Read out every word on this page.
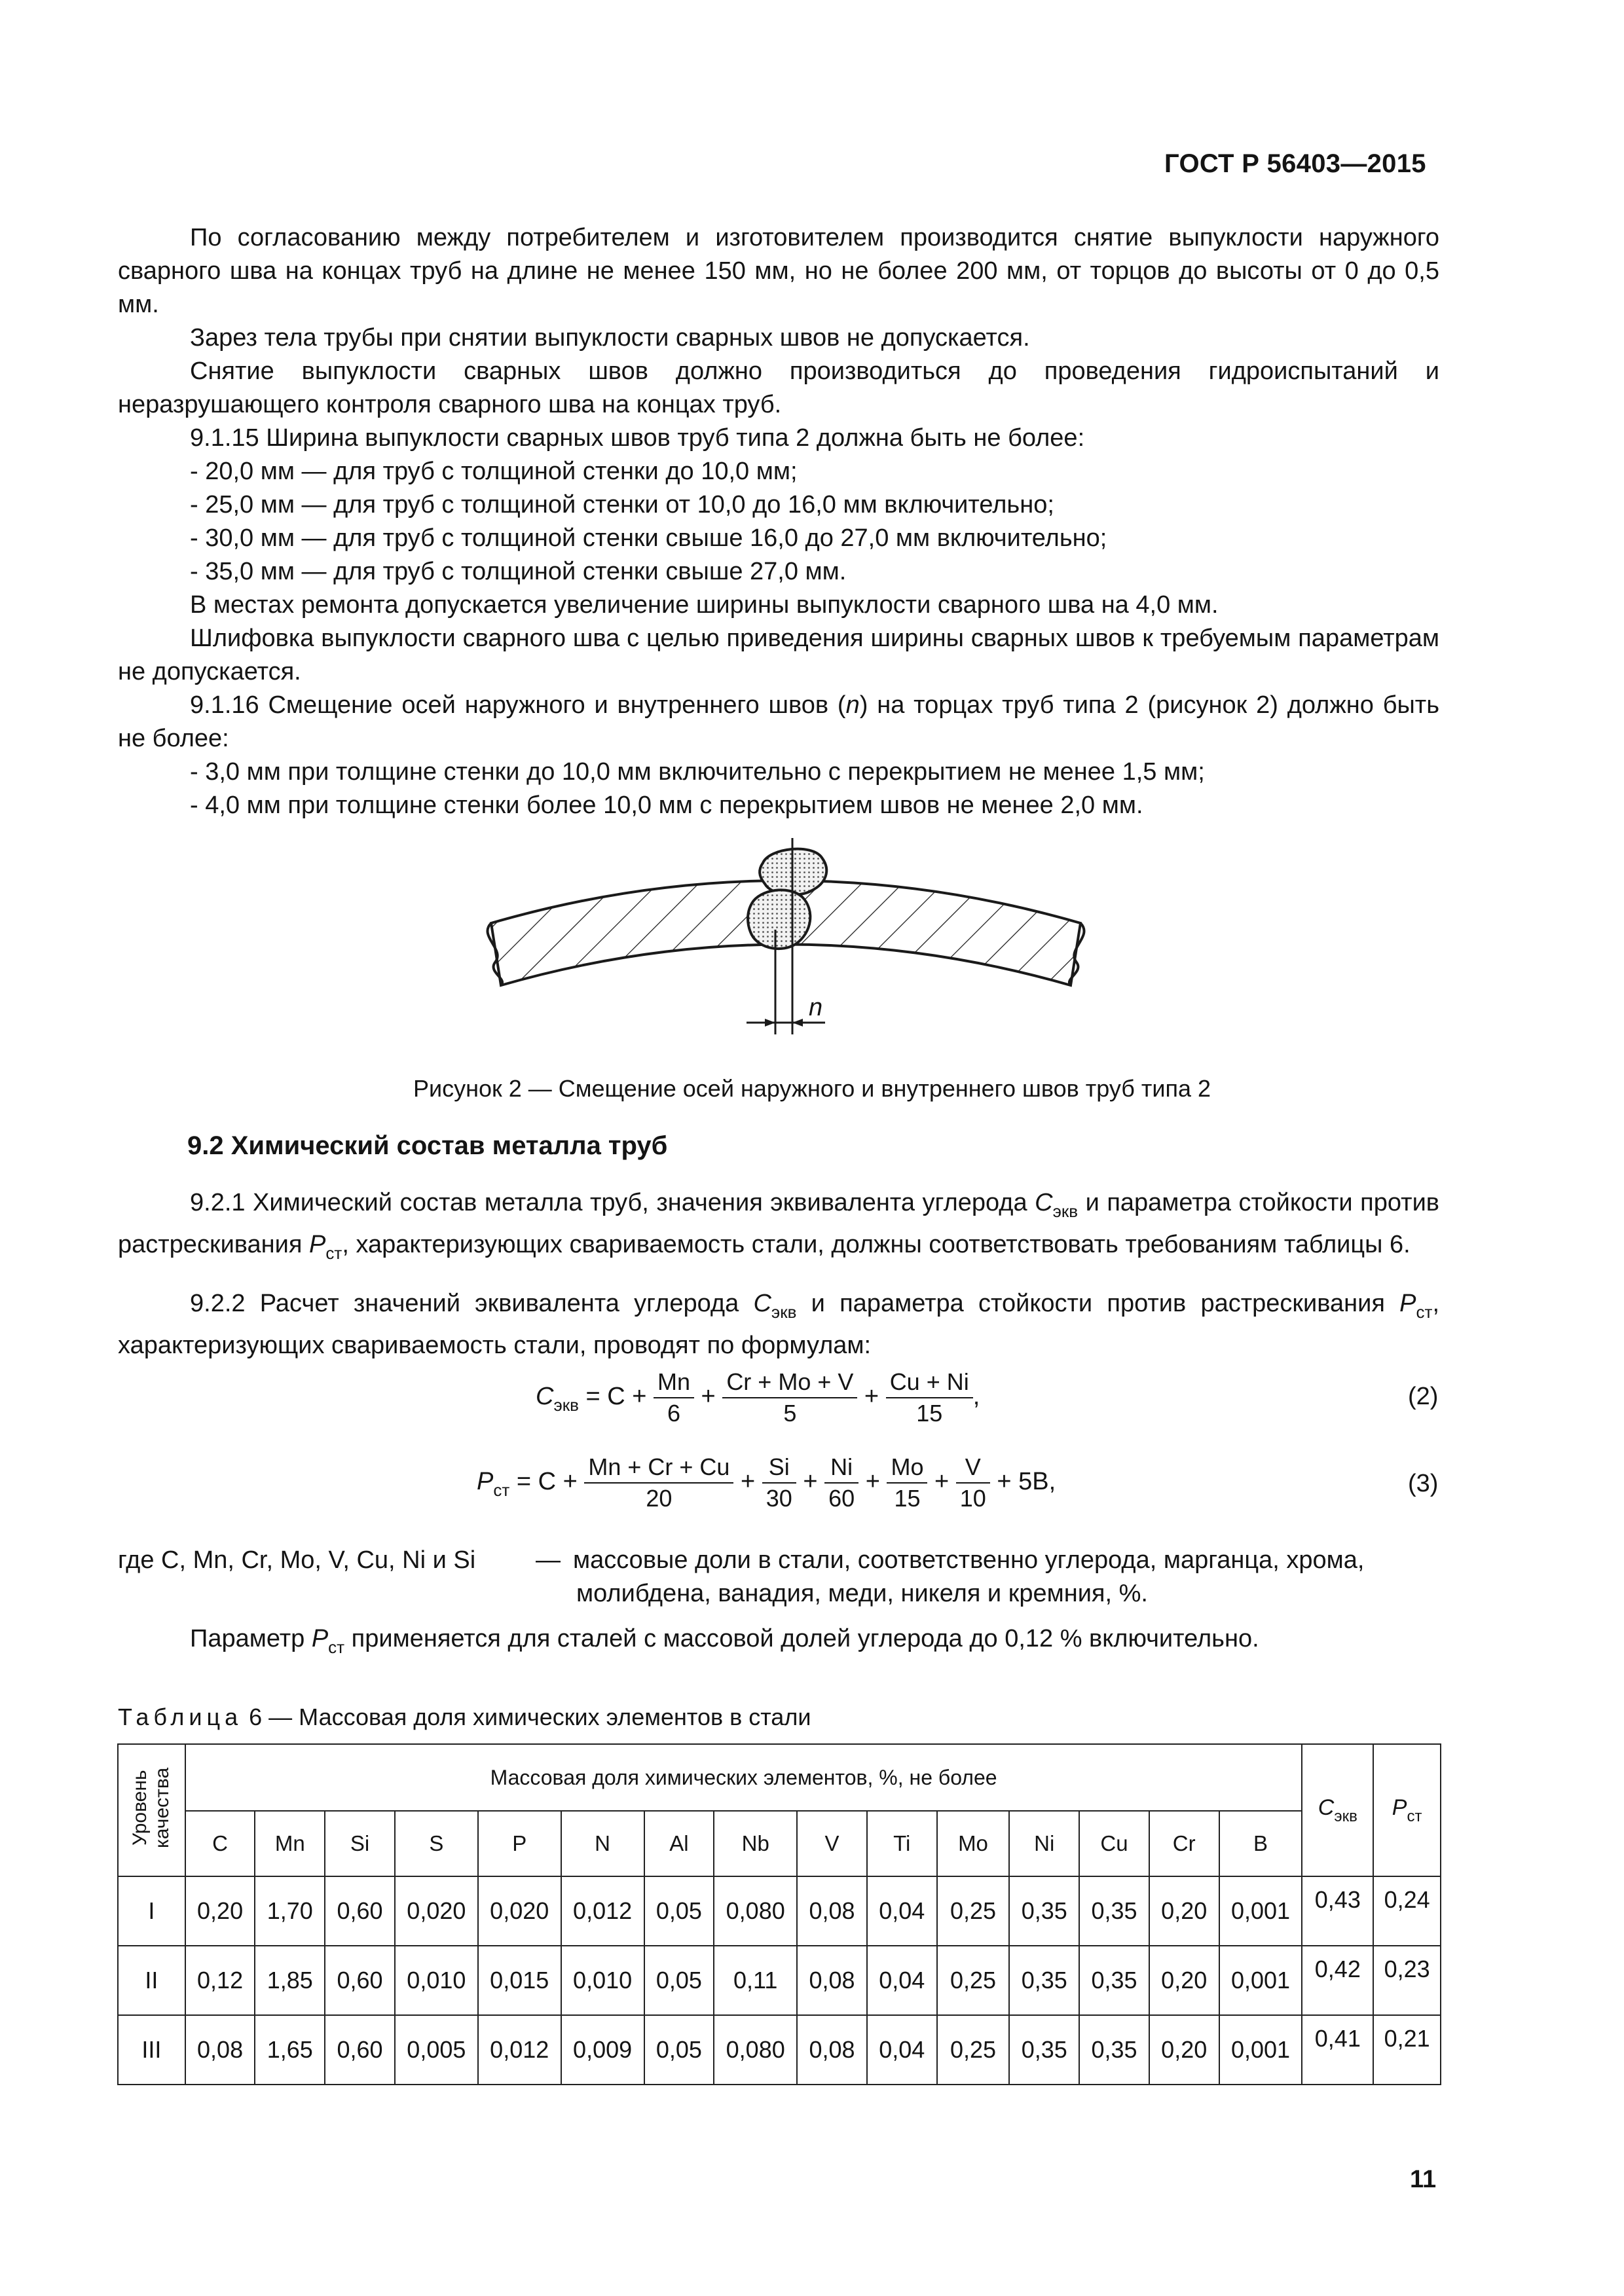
ГОСТ Р 56403—2015

По согласованию между потребителем и изготовителем производится снятие выпуклости наружного сварного шва на концах труб на длине не менее 150 мм, но не более 200 мм, от торцов до высоты от 0 до 0,5 мм.

Зарез тела трубы при снятии выпуклости сварных швов не допускается.

Снятие выпуклости сварных швов должно производиться до проведения гидроиспытаний и неразрушающего контроля сварного шва на концах труб.

9.1.15 Ширина выпуклости сварных швов труб типа 2 должна быть не более:

- 20,0 мм — для труб с толщиной стенки до 10,0 мм;

- 25,0 мм — для труб с толщиной стенки от 10,0 до 16,0 мм включительно;

- 30,0 мм — для труб с толщиной стенки свыше 16,0 до 27,0 мм включительно;

- 35,0 мм — для труб с толщиной стенки свыше 27,0 мм.

В местах ремонта допускается увеличение ширины выпуклости сварного шва на 4,0 мм.

Шлифовка выпуклости сварного шва с целью приведения ширины сварных швов к требуемым параметрам не допускается.

9.1.16 Смещение осей наружного и внутреннего швов (n) на торцах труб типа 2 (рисунок 2) должно быть не более:

- 3,0 мм при толщине стенки до 10,0 мм включительно с перекрытием не менее 1,5 мм;

- 4,0 мм при толщине стенки более 10,0 мм с перекрытием швов не менее 2,0 мм.

n
Рисунок 2 — Смещение осей наружного и внутреннего швов труб типа 2
9.2 Химический состав металла труб

9.2.1 Химический состав металла труб, значения эквивалента углерода $C_{экв}$ и параметра стойкости против растрескивания $P_{ст}$, характеризующих свариваемость стали, должны соответствовать требованиям таблицы 6.

9.2.2 Расчет значений эквивалента углерода $C_{экв}$ и параметра стойкости против растрескивания $P_{ст}$, характеризующих свариваемость стали, проводят по формулам:

$C_{экв} = C + \frac{Mn}{6} + \frac{Cr + Mo + V}{5} + \frac{Cu + Ni}{15}$ ,	(2)
$P_{ст} = C + \frac{Mn + Cr + Cu}{20} + \frac{Si}{30} + \frac{Ni}{60} + \frac{Mo}{15} + \frac{V}{10} + 5B$,	(3)

где C, Mn, Cr, Mo, V, Cu, Ni и Si — массовые доли в стали, соответственно углерода, марганца, хрома,

молибдена, ванадия, меди, никеля и кремния, %.

Параметр $P_{ст}$ применяется для сталей с массовой долей углерода до 0,12 % включительно.

Таблица 6 — Массовая доля химических элементов в стали
Уровень качества	Массовая доля химических элементов, %, не более															$C_{экв}$	$P_{ст}$
	C	Mn	Si	S	P	N	Al	Nb	V	Ti	Mo	Ni	Cu	Cr	B		
I	0,20	1,70	0,60	0,020	0,020	0,012	0,05	0,080	0,08	0,04	0,25	0,35	0,35	0,20	0,001	0,43	0,24
II	0,12	1,85	0,60	0,010	0,015	0,010	0,05	0,11	0,08	0,04	0,25	0,35	0,35	0,20	0,001	0,42	0,23
III	0,08	1,65	0,60	0,005	0,012	0,009	0,05	0,080	0,08	0,04	0,25	0,35	0,35	0,20	0,001	0,41	0,21
11
